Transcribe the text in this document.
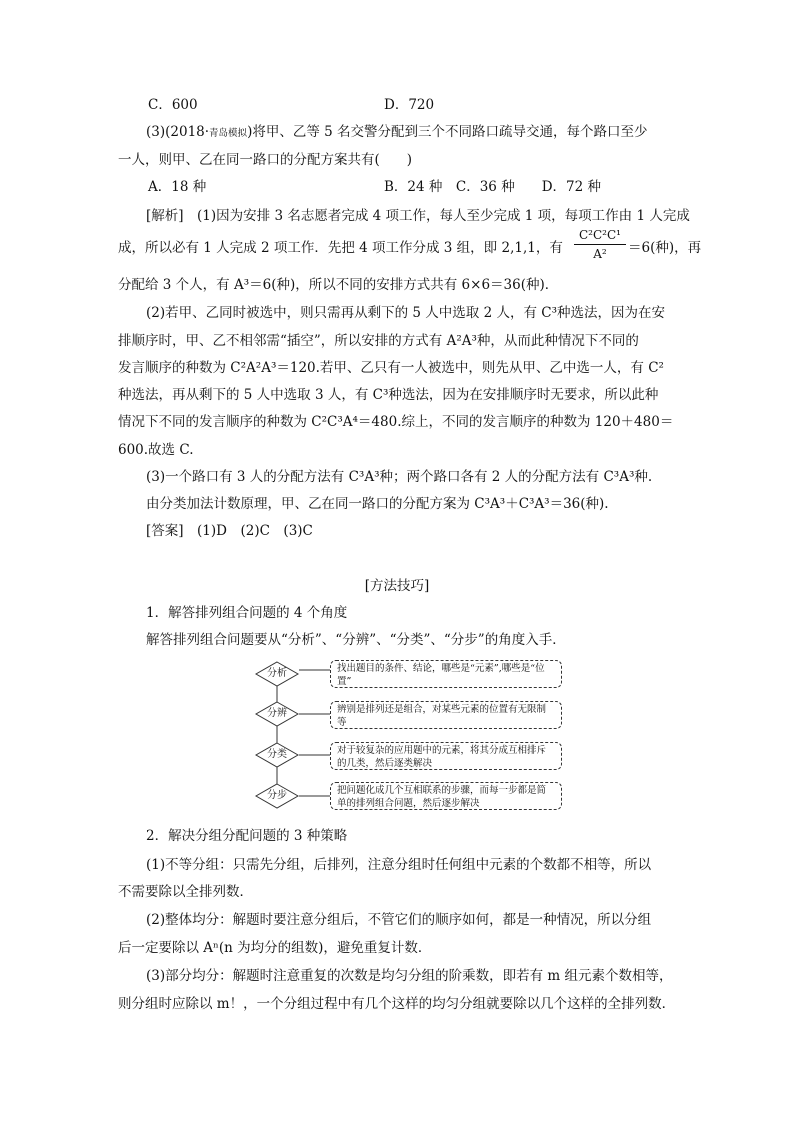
C．600	D．720
(3)(2018·青岛模拟)将甲、乙等 5 名交警分配到三个不同路口疏导交通，每个路口至少
一人，则甲、乙在同一路口的分配方案共有(　　)
A．18 种	B．24 种　C．36 种　　D．72 种
[解析]　(1)因为安排 3 名志愿者完成 4 项工作，每人至少完成 1 项，每项工作由 1 人完成
成，所以必有 1 人完成 2 项工作．先把 4 项工作分成 3 组，即 2,1,1，有
C²C²C¹
A²	＝6(种)，再
分配给 3 个人，有 A³＝6(种)，所以不同的安排方式共有 6×6＝36(种)．
(2)若甲、乙同时被选中，则只需再从剩下的 5 人中选取 2 人，有 C³种选法，因为在安
排顺序时，甲、乙不相邻需“插空”，所以安排的方式有 A²A³种，从而此种情况下不同的
发言顺序的种数为 C²A²A³＝120.若甲、乙只有一人被选中，则先从甲、乙中选一人，有 C²
种选法，再从剩下的 5 人中选取 3 人，有 C³种选法，因为在安排顺序时无要求，所以此种
情况下不同的发言顺序的种数为 C²C³A⁴＝480.综上，不同的发言顺序的种数为 120＋480＝
600.故选 C.
(3)一个路口有 3 人的分配方法有 C³A³种；两个路口各有 2 人的分配方法有 C³A³种.
由分类加法计数原理，甲、乙在同一路口的分配方案为 C³A³＋C³A³＝36(种).
[答案]　(1)D　(2)C　(3)C
[方法技巧]
1．解答排列组合问题的 4 个角度
解答排列组合问题要从“分析”、“分辨”、“分类”、“分步”的角度入手．
分析	找出题目的条件、结论，哪些是“元素”,哪些是“位置”
分辨	辨别是排列还是组合，对某些元素的位置有无限制等
分类	对于较复杂的应用题中的元素，将其分成互相排斥的几类，然后逐类解决
分步	把问题化成几个互相联系的步骤，而每一步都是简单的排列组合问题，然后逐步解决
2．解决分组分配问题的 3 种策略
(1)不等分组：只需先分组，后排列，注意分组时任何组中元素的个数都不相等，所以
不需要除以全排列数．
(2)整体均分：解题时要注意分组后，不管它们的顺序如何，都是一种情况，所以分组
后一定要除以 Aⁿ(n 为均分的组数)，避免重复计数．
(3)部分均分：解题时注意重复的次数是均匀分组的阶乘数，即若有 m 组元素个数相等，
则分组时应除以 m！，一个分组过程中有几个这样的均匀分组就要除以几个这样的全排列数．
